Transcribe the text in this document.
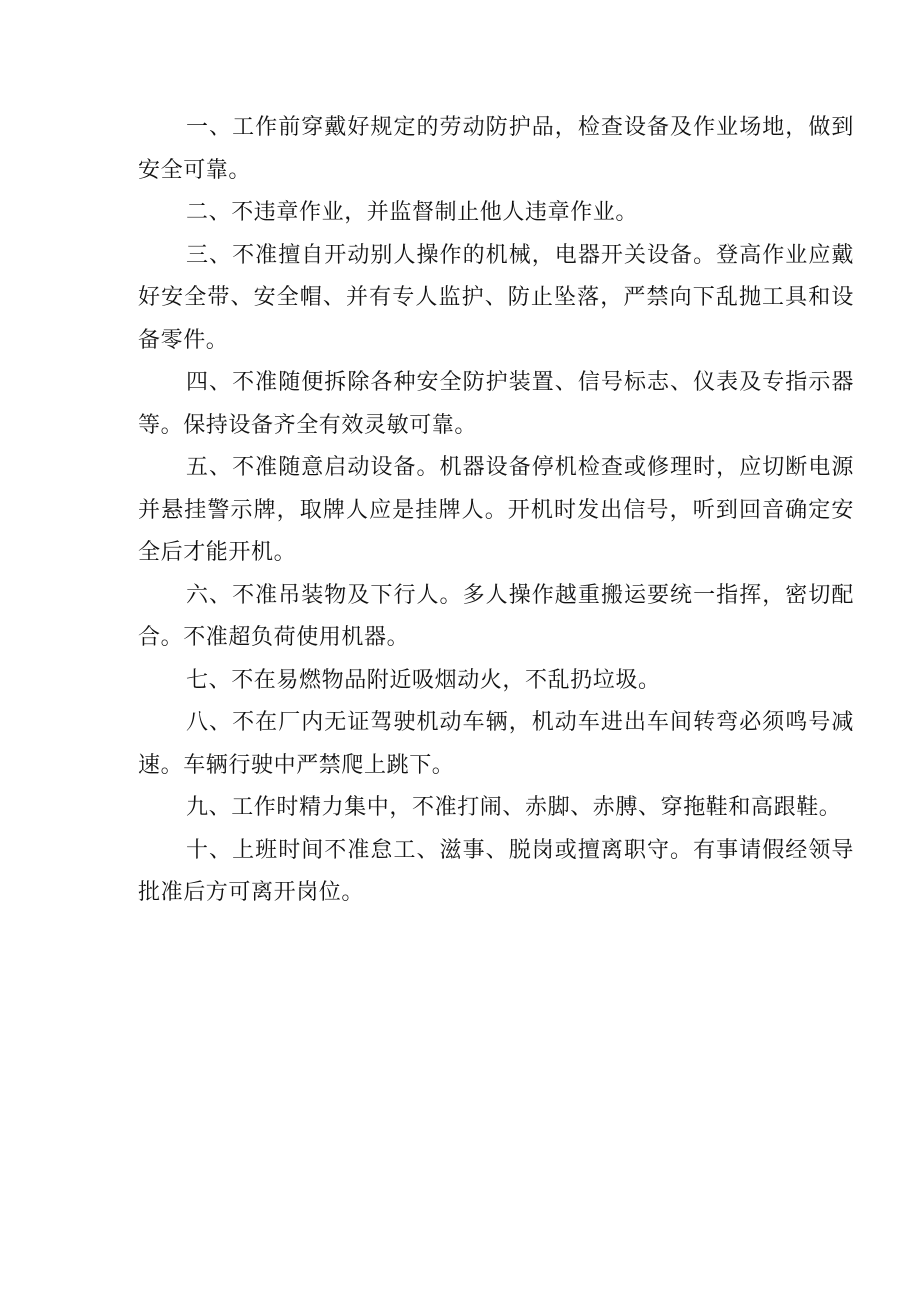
一、工作前穿戴好规定的劳动防护品，检查设备及作业场地，做到安全可靠。

二、不违章作业，并监督制止他人违章作业。

三、不准擅自开动别人操作的机械，电器开关设备。登高作业应戴好安全带、安全帽、并有专人监护、防止坠落，严禁向下乱抛工具和设备零件。

四、不准随便拆除各种安全防护装置、信号标志、仪表及专指示器等。保持设备齐全有效灵敏可靠。

五、不准随意启动设备。机器设备停机检查或修理时，应切断电源并悬挂警示牌，取牌人应是挂牌人。开机时发出信号，听到回音确定安全后才能开机。

六、不准吊装物及下行人。多人操作越重搬运要统一指挥，密切配合。不准超负荷使用机器。

七、不在易燃物品附近吸烟动火，不乱扔垃圾。

八、不在厂内无证驾驶机动车辆，机动车进出车间转弯必须鸣号减速。车辆行驶中严禁爬上跳下。

九、工作时精力集中，不准打闹、赤脚、赤膊、穿拖鞋和高跟鞋。

十、上班时间不准怠工、滋事、脱岗或擅离职守。有事请假经领导批准后方可离开岗位。
